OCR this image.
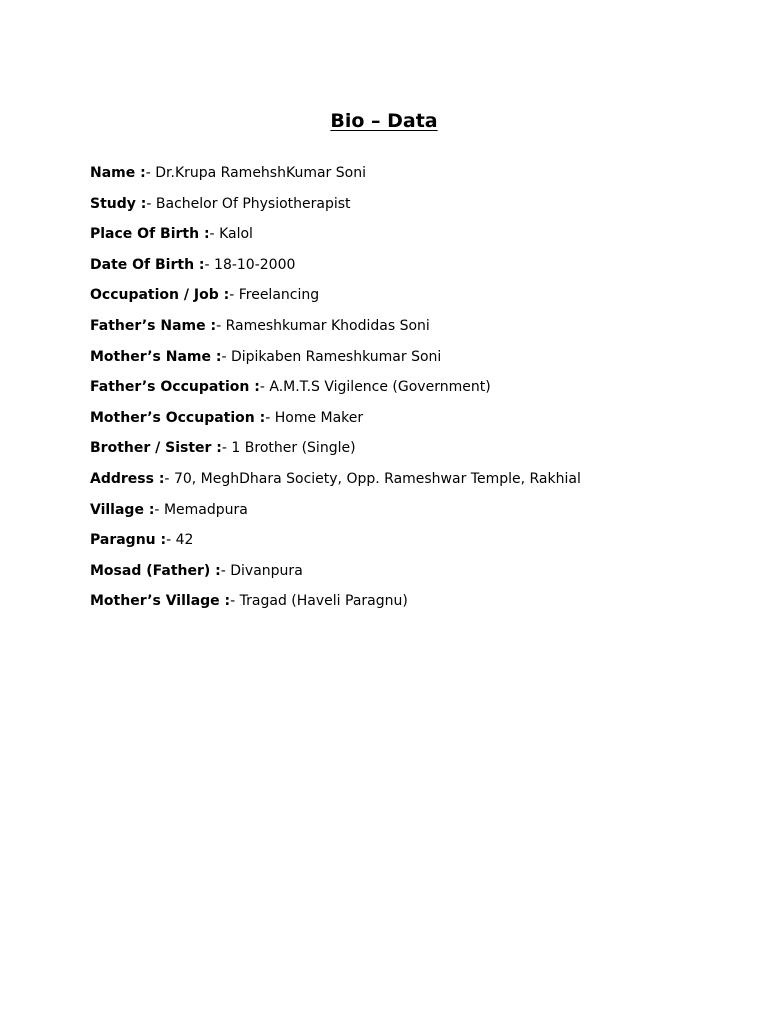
Bio – Data
Name :- Dr.Krupa RamehshKumar Soni
Study :- Bachelor Of Physiotherapist
Place Of Birth :- Kalol
Date Of Birth :- 18-10-2000
Occupation / Job :- Freelancing
Father’s Name :- Rameshkumar Khodidas Soni
Mother’s Name :- Dipikaben Rameshkumar Soni
Father’s Occupation :- A.M.T.S Vigilence (Government)
Mother’s Occupation :- Home Maker
Brother / Sister :- 1 Brother (Single)
Address :- 70, MeghDhara Society, Opp. Rameshwar Temple, Rakhial
Village :- Memadpura
Paragnu :- 42
Mosad (Father) :- Divanpura
Mother’s Village :- Tragad (Haveli Paragnu)
